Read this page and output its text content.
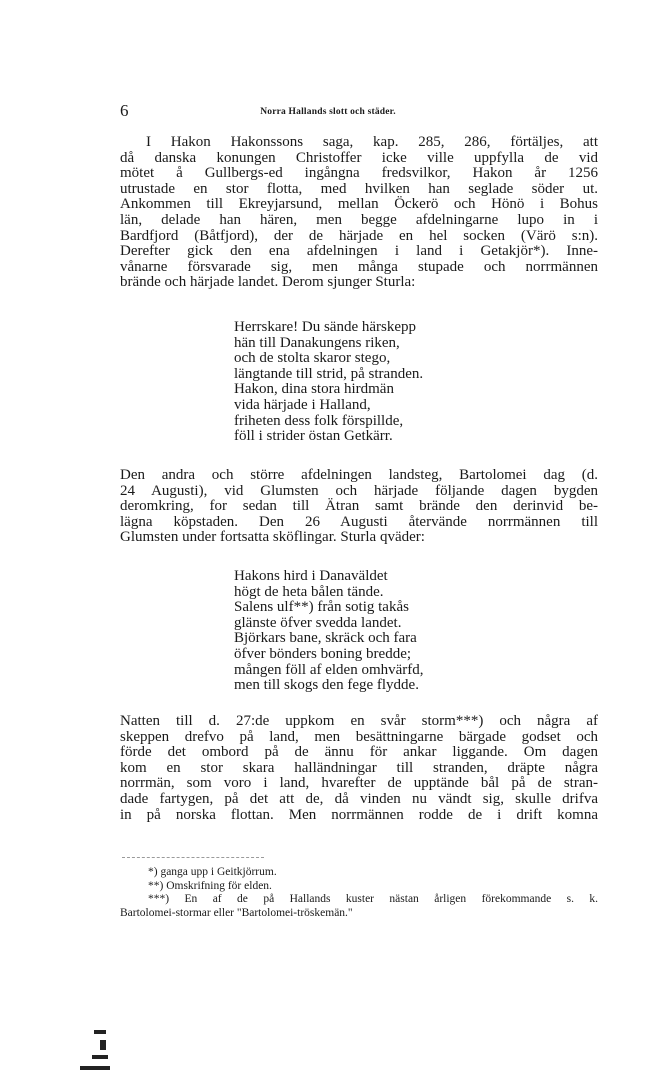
6	Norra Hallands slott och städer.
I Hakon Hakonssons saga, kap. 285, 286, förtäljes, att
då danska konungen Christoffer icke ville uppfylla de vid
mötet å Gullbergs-ed ingångna fredsvilkor, Hakon år 1256
utrustade en stor flotta, med hvilken han seglade söder ut.
Ankommen till Ekreyjarsund, mellan Öckerö och Hönö i Bohus
län, delade han hären, men begge afdelningarne lupo in i
Bardfjord (Båtfjord), der de härjade en hel socken (Värö s:n).
Derefter gick den ena afdelningen i land i Getakjör*). Inne-
vånarne försvarade sig, men många stupade och norrmännen
brände och härjade landet. Derom sjunger Sturla:
Herrskare! Du sände härskepp
hän till Danakungens riken,
och de stolta skaror stego,
längtande till strid, på stranden.
Hakon, dina stora hirdmän
vida härjade i Halland,
friheten dess folk förspillde,
föll i strider östan Getkärr.
Den andra och större afdelningen landsteg, Bartolomei dag (d.
24 Augusti), vid Glumsten och härjade följande dagen bygden
deromkring, for sedan till Ätran samt brände den derinvid be-
lägna köpstaden. Den 26 Augusti återvände norrmännen till
Glumsten under fortsatta sköflingar. Sturla qväder:
Hakons hird i Danaväldet
högt de heta bålen tände.
Salens ulf**) från sotig takås
glänste öfver svedda landet.
Björkars bane, skräck och fara
öfver bönders boning bredde;
mången föll af elden omhvärfd,
men till skogs den fege flydde.
Natten till d. 27:de uppkom en svår storm***) och några af
skeppen drefvo på land, men besättningarne bärgade godset och
förde det ombord på de ännu för ankar liggande. Om dagen
kom en stor skara halländningar till stranden, dräpte några
norrmän, som voro i land, hvarefter de upptände bål på de stran-
dade fartygen, på det att de, då vinden nu vändt sig, skulle drifva
in på norska flottan. Men norrmännen rodde de i drift komna
*) ganga upp i Geitkjörrum.
**) Omskrifning för elden.
***) En af de på Hallands kuster nästan årligen förekommande s. k.
Bartolomei-stormar eller "Bartolomei-tröskemän."
